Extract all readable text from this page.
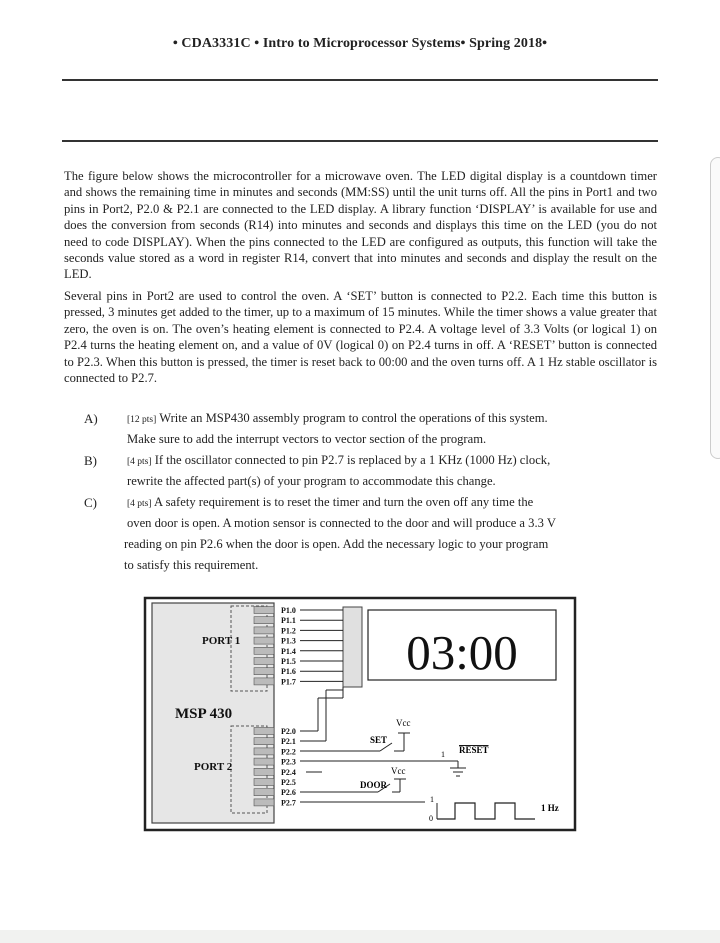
• CDA3331C • Intro to Microprocessor Systems• Spring 2018•

The figure below shows the microcontroller for a microwave oven. The LED digital display is a countdown timer and shows the remaining time in minutes and seconds (MM:SS) until the unit turns off. All the pins in Port1 and two pins in Port2, P2.0 & P2.1 are connected to the LED display. A library function ‘DISPLAY’ is available for use and does the conversion from seconds (R14) into minutes and seconds and displays this time on the LED (you do not need to code DISPLAY). When the pins connected to the LED are configured as outputs, this function will take the seconds value stored as a word in register R14, convert that into minutes and seconds and display the result on the LED.

Several pins in Port2 are used to control the oven. A ‘SET’ button is connected to P2.2. Each time this button is pressed, 3 minutes get added to the timer, up to a maximum of 15 minutes. While the timer shows a value greater that zero, the oven is on. The oven’s heating element is connected to P2.4. A voltage level of 3.3 Volts (or logical 1) on P2.4 turns the heating element on, and a value of 0V (logical 0) on P2.4 turns in off. A ‘RESET’ button is connected to P2.3. When this button is pressed, the timer is reset back to 00:00 and the oven turns off. A 1 Hz stable oscillator is connected to P2.7.

A)	[12 pts] Write an MSP430 assembly program to control the operations of this system.
Make sure to add the interrupt vectors to vector section of the program.
B)	[4 pts] If the oscillator connected to pin P2.7 is replaced by a 1 KHz (1000 Hz) clock,
rewrite the affected part(s) of your program to accommodate this change.
C)	[4 pts] A safety requirement is to reset the timer and turn the oven off any time the
oven door is open. A motion sensor is connected to the door and will produce a 3.3 V
reading on pin P2.6 when the door is open. Add the necessary logic to your program
to satisfy this requirement.
MSP 430
PORT 1
PORT 2
P1.0
P1.1
P1.2
P1.3
P1.4
P1.5
P1.6
P1.7
P2.0
P2.1
P2.2
P2.3
P2.4
P2.5
P2.6
P2.7
03:00
SET
Vcc
RESET
1
DOOR
Vcc
1
0
1 Hz
